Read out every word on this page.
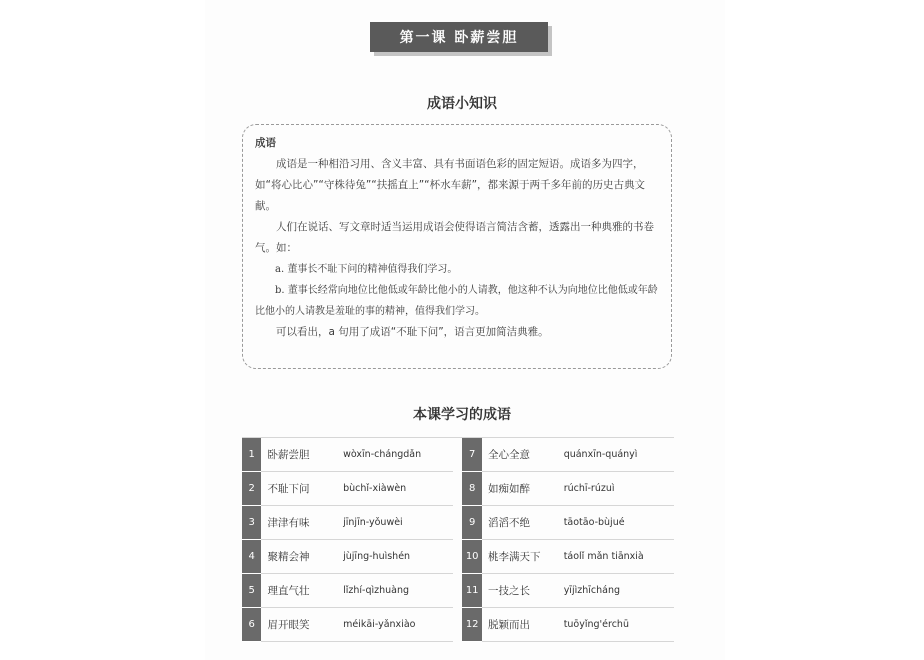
第一课 卧薪尝胆
成语小知识
成语

成语是一种相沿习用、含义丰富、具有书面语色彩的固定短语。成语多为四字，如“将心比心”“守株待兔”“扶摇直上”“杯水车薪”，都来源于两千多年前的历史古典文献。

人们在说话、写文章时适当运用成语会使得语言简洁含蓄，透露出一种典雅的书卷气。如：

a. 董事长不耻下问的精神值得我们学习。

b. 董事长经常向地位比他低或年龄比他小的人请教，他这种不认为向地位比他低或年龄比他小的人请教是羞耻的事的精神，值得我们学习。

可以看出，a 句用了成语“不耻下问”，语言更加简洁典雅。

本课学习的成语
1	卧薪尝胆	wòxīn-chángdǎn		7	全心全意	quánxīn-quányì
2	不耻下问	bùchǐ-xiàwèn		8	如痴如醉	rúchī-rúzuì
3	津津有味	jīnjīn-yǒuwèi		9	滔滔不绝	tāotāo-bùjué
4	聚精会神	jùjīng-huìshén		10	桃李满天下	táolǐ mǎn tiānxià
5	理直气壮	lǐzhí-qìzhuàng		11	一技之长	yījìzhīcháng
6	眉开眼笑	méikāi-yǎnxiào		12	脱颖而出	tuōyǐng'érchū
